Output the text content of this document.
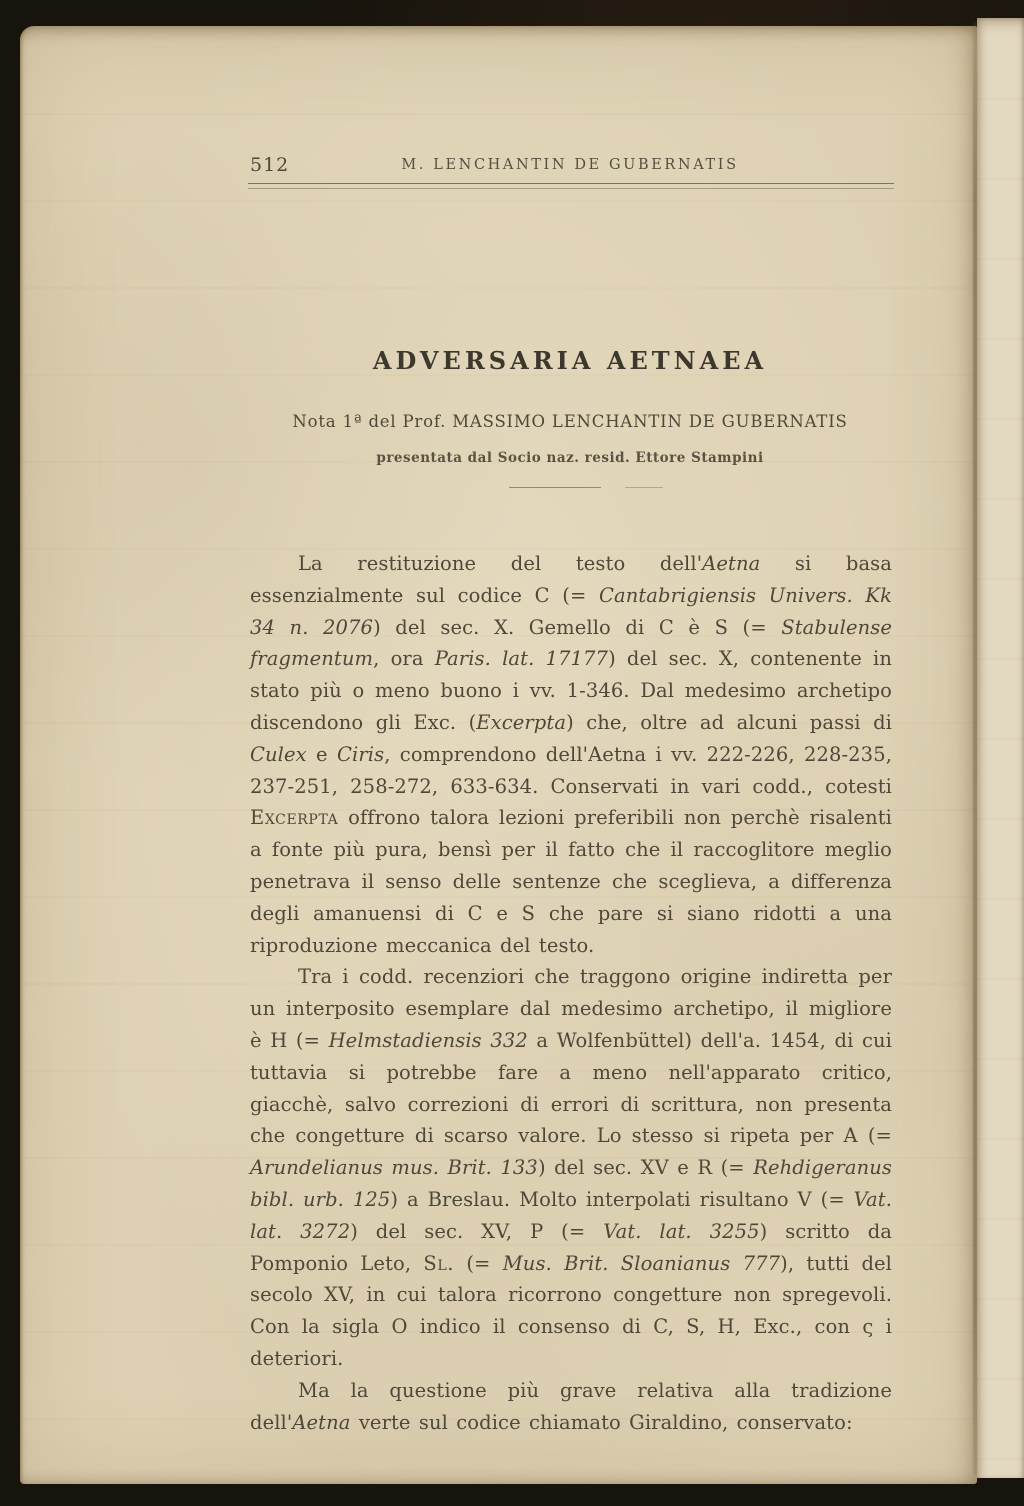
512	M. LENCHANTIN DE GUBERNATIS
ADVERSARIA AETNAEA
Nota 1ª del Prof. MASSIMO LENCHANTIN DE GUBERNATIS
presentata dal Socio naz. resid. Ettore Stampini

La restituzione del testo dell'Aetna si basa essenzialmente sul codice C (= Cantabrigiensis Univers. Kk 34 n. 2076) del sec. X. Gemello di C è S (= Stabulense fragmentum, ora Paris. lat. 17177) del sec. X, contenente in stato più o meno buono i vv. 1-346. Dal medesimo archetipo discendono gli Exc. (Excerpta) che, oltre ad alcuni passi di Culex e Ciris, comprendono dell'Aetna i vv. 222-226, 228-235, 237-251, 258-272, 633-634. Conservati in vari codd., cotesti Excerpta offrono talora lezioni preferibili non perchè risalenti a fonte più pura, bensì per il fatto che il raccoglitore meglio penetrava il senso delle sentenze che sceglieva, a differenza degli amanuensi di C e S che pare si siano ridotti a una riproduzione meccanica del testo.

Tra i codd. recenziori che traggono origine indiretta per un interposito esemplare dal medesimo archetipo, il migliore è H (= Helmstadiensis 332 a Wolfenbüttel) dell'a. 1454, di cui tuttavia si potrebbe fare a meno nell'apparato critico, giacchè, salvo correzioni di errori di scrittura, non presenta che congetture di scarso valore. Lo stesso si ripeta per A (= Arundelianus mus. Brit. 133) del sec. XV e R (= Rehdigeranus bibl. urb. 125) a Breslau. Molto interpolati risultano V (= Vat. lat. 3272) del sec. XV, P (= Vat. lat. 3255) scritto da Pomponio Leto, Sl. (= Mus. Brit. Sloanianus 777), tutti del secolo XV, in cui talora ricorrono congetture non spregevoli. Con la sigla O indico il consenso di C, S, H, Exc., con ς i deteriori.

Ma la questione più grave relativa alla tradizione dell'Aetna verte sul codice chiamato Giraldino, conservato:
